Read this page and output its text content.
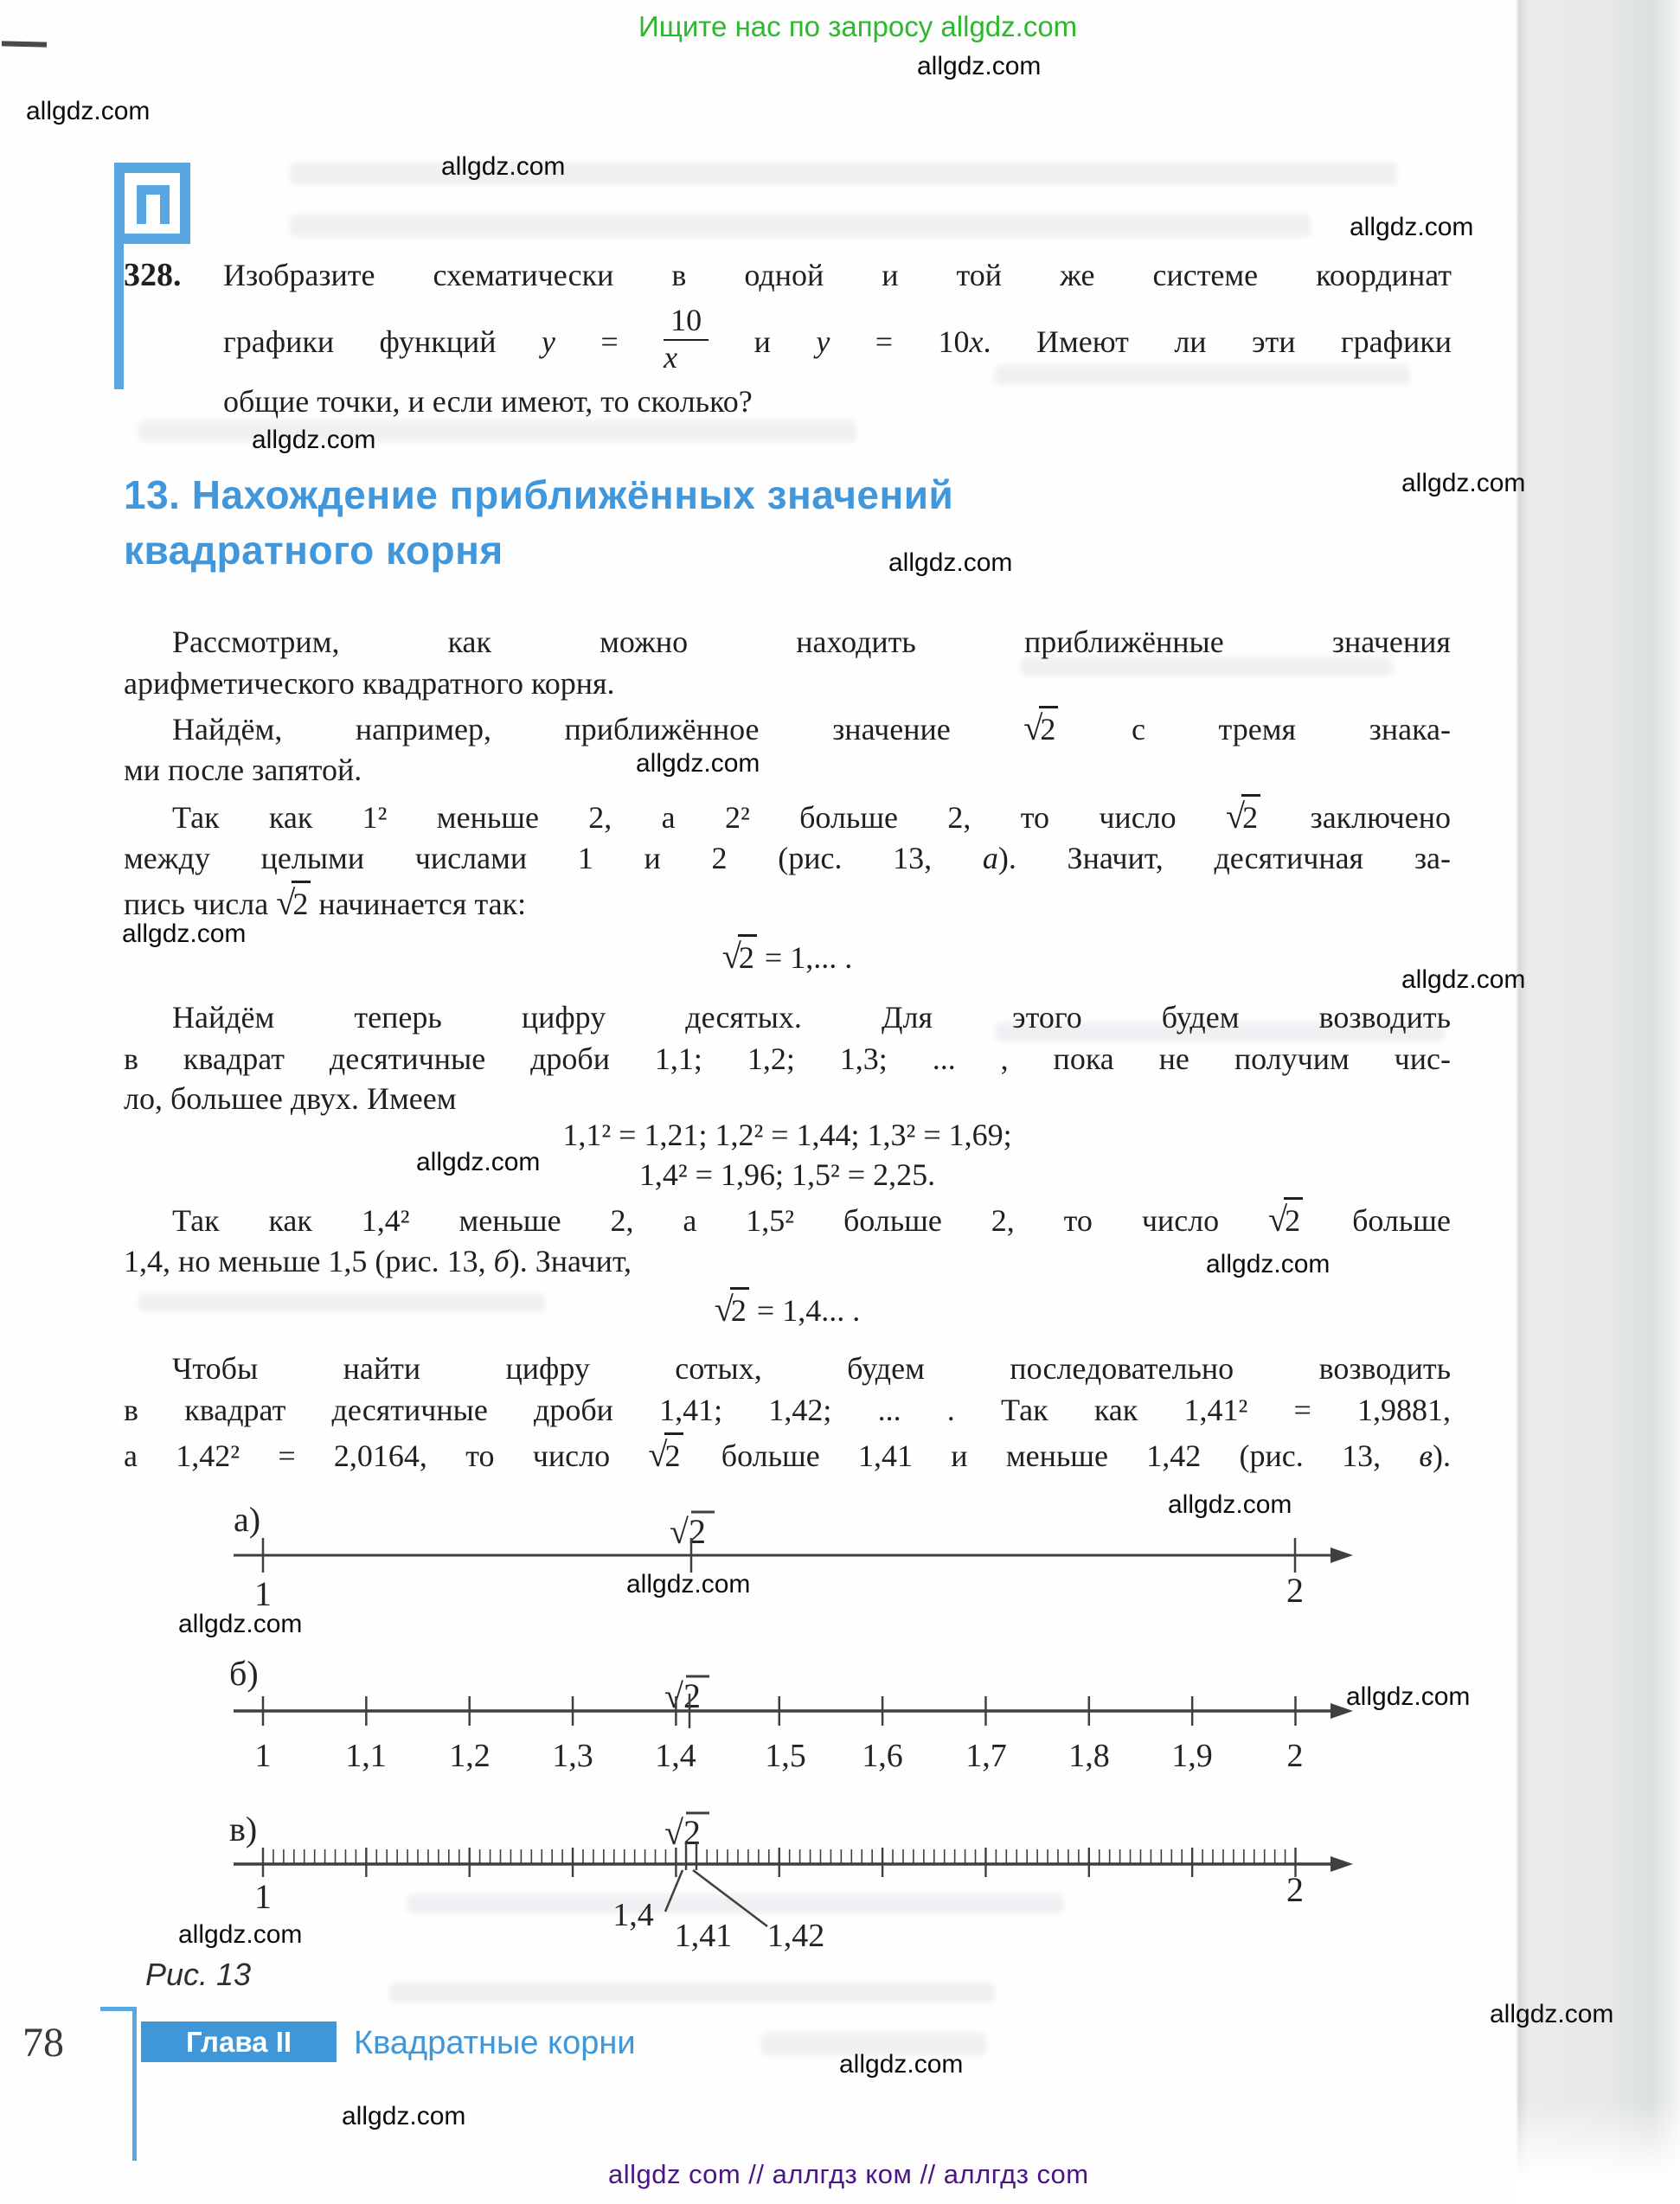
328. Изобразите схематически в одной и той же системе координат
графики функций $y = \frac{10}{x}$ и y = 10x. Имеют ли эти графики
общие точки, и если имеют, то сколько?
13. Нахождение приближённых значений
квадратного корня
Рассмотрим, как можно находить приближённые значения
арифметического квадратного корня.
Найдём, например, приближённое значение √2 с тремя знака-
ми после запятой.
Так как 1² меньше 2, а 2² больше 2, то число √2 заключено
между целыми числами 1 и 2 (рис. 13, а). Значит, десятичная за-
пись числа √2 начинается так:
√2 = 1,... .
Найдём теперь цифру десятых. Для этого будем возводить
в квадрат десятичные дроби 1,1; 1,2; 1,3; ... , пока не получим чис-
ло, большее двух. Имеем
1,1² = 1,21; 1,2² = 1,44; 1,3² = 1,69;
1,4² = 1,96; 1,5² = 2,25.
Так как 1,4² меньше 2, а 1,5² больше 2, то число √2 больше
1,4, но меньше 1,5 (рис. 13, б). Значит,
√2 = 1,4... .
Чтобы найти цифру сотых, будем последовательно возводить
в квадрат десятичные дроби 1,41; 1,42; ... . Так как 1,41² = 1,9881,
а 1,42² = 2,0164, то число √2 больше 1,41 и меньше 1,42 (рис. 13, в).
а)	√2
1	2
б)
√2
1 1,1 1,2 1,3 1,4 1,5 1,6 1,7 1,8 1,9 2
в)	√2
1	2
1,4
1,41 1,42
Рис. 13
78	Глава II	Квадратные корни
Ищите нас по запросу allgdz.com
allgdz.com
allgdz.com
allgdz.com
allgdz.com
allgdz.com
allgdz.com
allgdz.com
allgdz.com
allgdz.com
allgdz.com
allgdz.com
allgdz.com
allgdz.com
allgdz.com
allgdz.com
allgdz.com
allgdz.com
allgdz.com
allgdz.com
allgdz.com
allgdz com // аллгдз ком // аллгдз com
